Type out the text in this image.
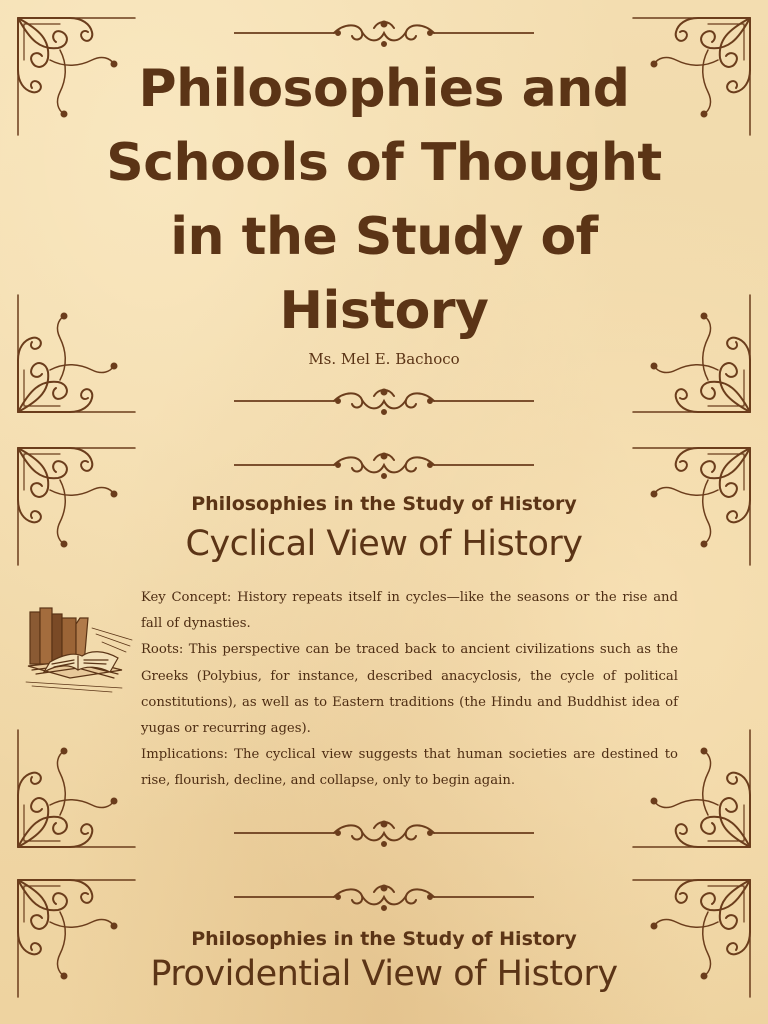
Philosophies and Schools of Thought in the Study of History
Ms. Mel E. Bachoco
Philosophies in the Study of History
Cyclical View of History

Key Concept: History repeats itself in cycles—like the seasons or the rise and fall of dynasties.

Roots: This perspective can be traced back to ancient civilizations such as the Greeks (Polybius, for instance, described anacyclosis, the cycle of political constitutions), as well as to Eastern traditions (the Hindu and Buddhist idea of yugas or recurring ages).

Implications: The cyclical view suggests that human societies are destined to rise, flourish, decline, and collapse, only to begin again.

Philosophies in the Study of History
Providential View of History
